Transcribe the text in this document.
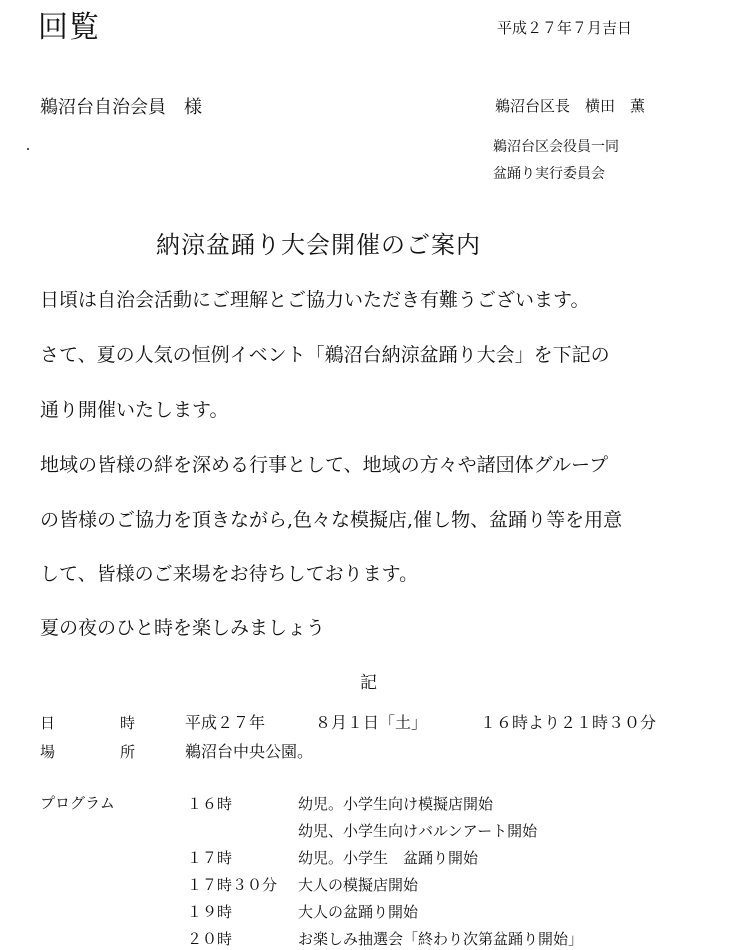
回覧	平成２７年７月吉日
鵜沼台自治会員　様	鵜沼台区長　横田　薫
鵜沼台区会役員一同
盆踊り実行委員会
納涼盆踊り大会開催のご案内
日頃は自治会活動にご理解とご協力いただき有難うございます。
さて、夏の人気の恒例イベント「鵜沼台納涼盆踊り大会」を下記の
通り開催いたします。
地域の皆様の絆を深める行事として、地域の方々や諸団体グループ
の皆様のご協力を頂きながら,色々な模擬店,催し物、盆踊り等を用意
して、皆様のご来場をお待ちしております。
夏の夜のひと時を楽しみましょう
記
日	時	平成２７年	８月１日「土」	１６時より２１時３０分
場	所	鵜沼台中央公園。
プログラム	１６時	幼児。小学生向け模擬店開始
幼児、小学生向けバルンアート開始
１７時	幼児。小学生　盆踊り開始
１７時３０分 大人の模擬店開始
１９時	大人の盆踊り開始
２０時	お楽しみ抽選会「終わり次第盆踊り開始」
